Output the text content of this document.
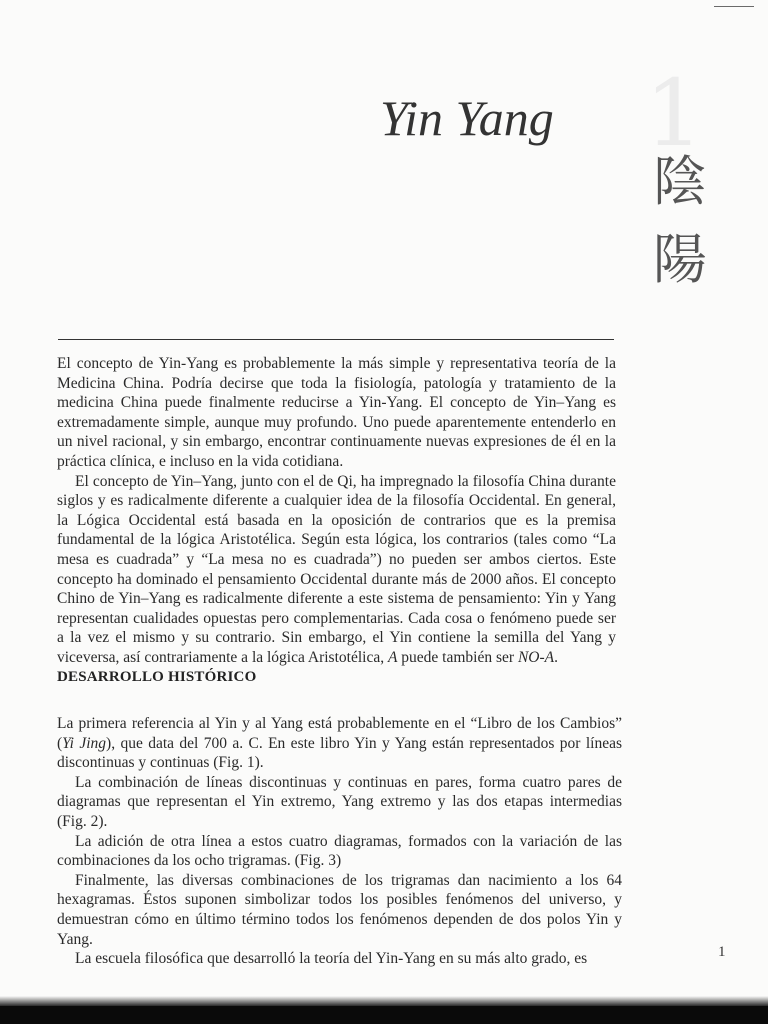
1
Yin Yang
陰
陽

El concepto de Yin-Yang es probablemente la más simple y representativa teoría de la Medicina China. Podría decirse que toda la fisiología, patología y tratamiento de la medicina China puede finalmente reducirse a Yin-Yang. El concepto de Yin–Yang es extremadamente simple, aunque muy profundo. Uno puede aparentemente entenderlo en un nivel racional, y sin embargo, encontrar continuamente nuevas expresiones de él en la práctica clínica, e incluso en la vida cotidiana.

El concepto de Yin–Yang, junto con el de Qi, ha impregnado la filosofía China durante siglos y es radicalmente diferente a cualquier idea de la filosofía Occidental. En general, la Lógica Occidental está basada en la oposición de contrarios que es la premisa fundamental de la lógica Aristotélica. Según esta lógica, los contrarios (tales como “La mesa es cuadrada” y “La mesa no es cuadrada”) no pueden ser ambos ciertos. Este concepto ha dominado el pensamiento Occidental durante más de 2000 años. El concepto Chino de Yin–Yang es radicalmente diferente a este sistema de pensamiento: Yin y Yang representan cualidades opuestas pero complementarias. Cada cosa o fenómeno puede ser a la vez el mismo y su contrario. Sin embargo, el Yin contiene la semilla del Yang y viceversa, así contrariamente a la lógica Aristotélica, A puede también ser NO-A.

DESARROLLO HISTÓRICO

La primera referencia al Yin y al Yang está probablemente en el “Libro de los Cambios” (Yi Jing), que data del 700 a. C. En este libro Yin y Yang están representados por líneas discontinuas y continuas (Fig. 1).

La combinación de líneas discontinuas y continuas en pares, forma cuatro pares de diagramas que representan el Yin extremo, Yang extremo y las dos etapas intermedias (Fig. 2).

La adición de otra línea a estos cuatro diagramas, formados con la variación de las combinaciones da los ocho trigramas. (Fig. 3)

Finalmente, las diversas combinaciones de los trigramas dan nacimiento a los 64 hexagramas. Éstos suponen simbolizar todos los posibles fenómenos del universo, y demuestran cómo en último término todos los fenómenos dependen de dos polos Yin y Yang.

La escuela filosófica que desarrolló la teoría del Yin-Yang en su más alto grado, es	1
